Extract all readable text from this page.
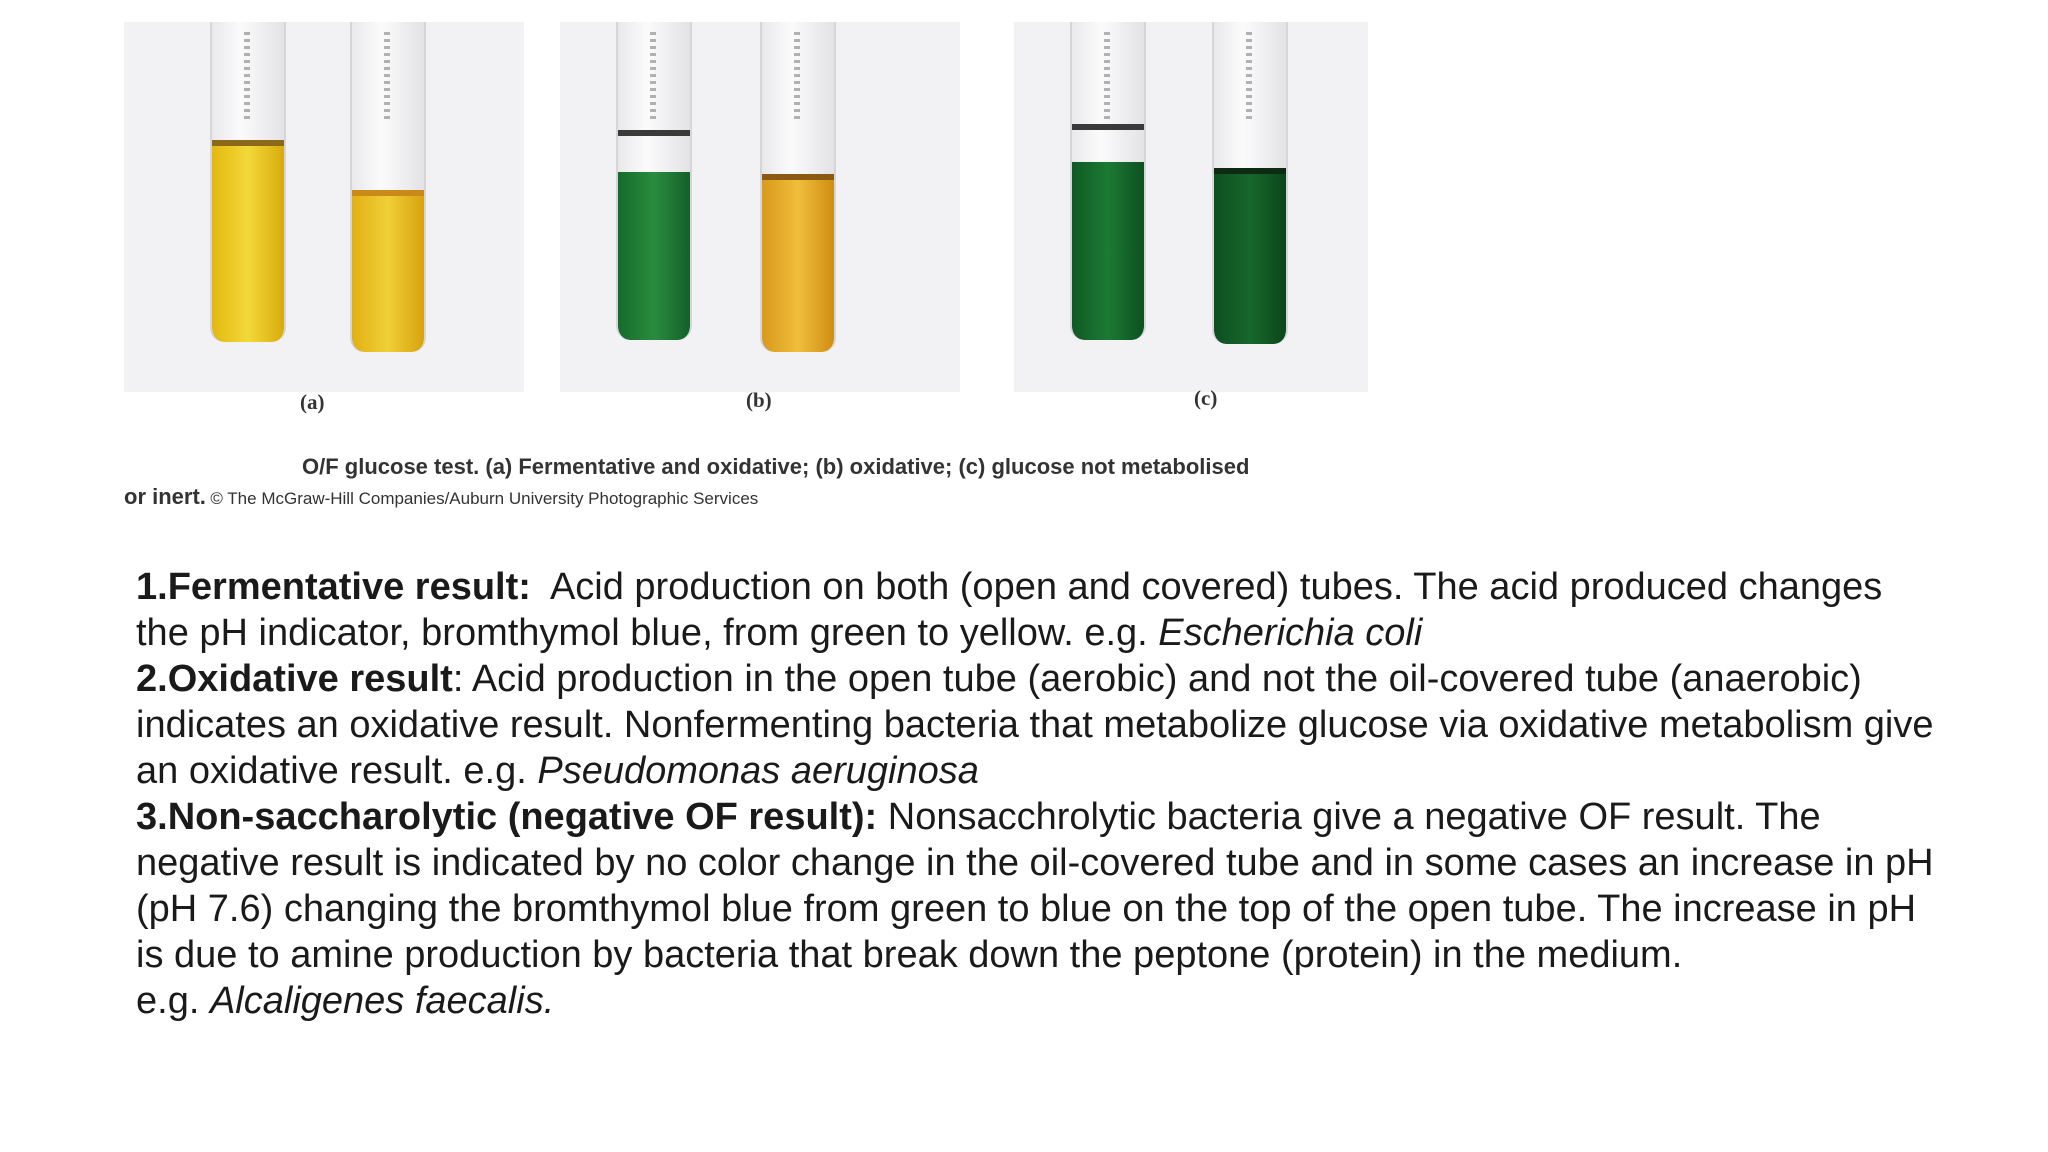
(a)	(b)	(c)
O/F glucose test. (a) Fermentative and oxidative; (b) oxidative; (c) glucose not metabolised
or inert. © The McGraw-Hill Companies/Auburn University Photographic Services

1.Fermentative result:  Acid production on both (open and covered) tubes. The acid produced changes the pH indicator, bromthymol blue, from green to yellow. e.g. Escherichia coli

2.Oxidative result: Acid production in the open tube (aerobic) and not the oil-covered tube (anaerobic) indicates an oxidative result. Nonfermenting bacteria that metabolize glucose via oxidative metabolism give an oxidative result. e.g. Pseudomonas aeruginosa

3.Non-saccharolytic (negative OF result): Nonsacchrolytic bacteria give a negative OF result. The negative result is indicated by no color change in the oil-covered tube and in some cases an increase in pH (pH 7.6) changing the bromthymol blue from green to blue on the top of the open tube. The increase in pH is due to amine production by bacteria that break down the peptone (protein) in the medium.

e.g. Alcaligenes faecalis.
